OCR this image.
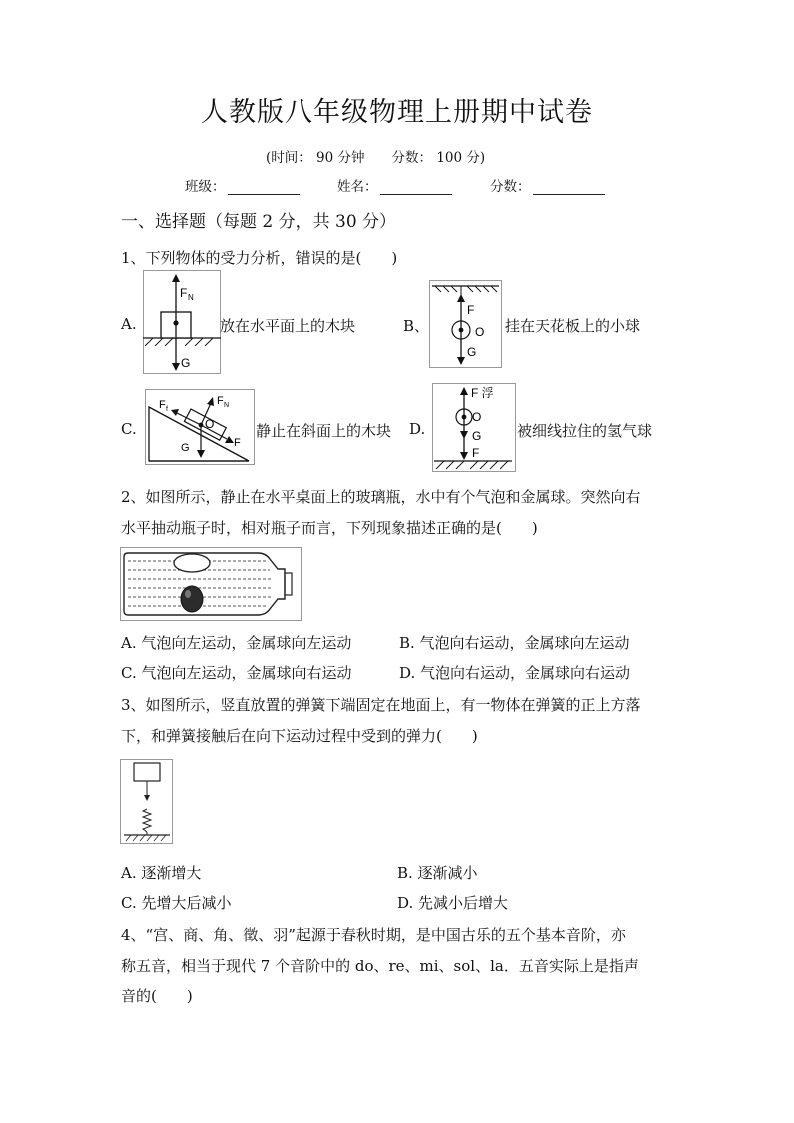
人教版八年级物理上册期中试卷
(时间： 90 分钟　　分数： 100 分)
班级：	姓名：	分数：
一、选择题（每题 2 分，共 30 分）
1、下列物体的受力分析，错误的是(　　)
A.
F N
G
放在水平面上的木块	B、
F
O
G
挂在天花板上的小球
C.
F f
F N
O
F
G
静止在斜面上的木块 D.
F 浮
O
G
F
被细线拉住的氢气球
2、如图所示，静止在水平桌面上的玻璃瓶，水中有个气泡和金属球。突然向右
水平抽动瓶子时，相对瓶子而言，下列现象描述正确的是(　　)
A. 气泡向左运动，金属球向左运动	B. 气泡向右运动，金属球向左运动
C. 气泡向左运动，金属球向右运动	D. 气泡向右运动，金属球向右运动
3、如图所示，竖直放置的弹簧下端固定在地面上，有一物体在弹簧的正上方落
下，和弹簧接触后在向下运动过程中受到的弹力(　　)
A. 逐渐增大	B. 逐渐减小
C. 先增大后减小	D. 先减小后增大
4、“宫、商、角、徵、羽”起源于春秋时期，是中国古乐的五个基本音阶，亦
称五音，相当于现代 7 个音阶中的 do、re、mi、sol、la．五音实际上是指声
音的(　　)
